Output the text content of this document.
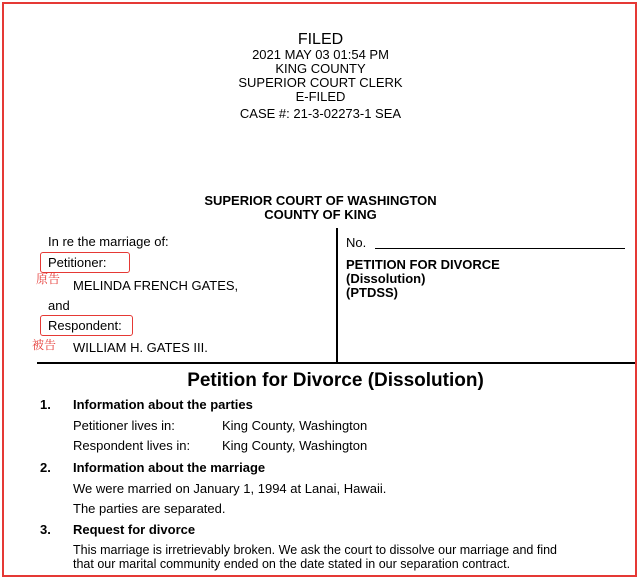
FILED
2021 MAY 03 01:54 PM
KING COUNTY
SUPERIOR COURT CLERK
E-FILED
CASE #: 21-3-02273-1 SEA
SUPERIOR COURT OF WASHINGTON
COUNTY OF KING
In re the marriage of:
Petitioner:
原告 MELINDA FRENCH GATES,
and
Respondent:
被告 WILLIAM H. GATES III.
No.
PETITION FOR DIVORCE
(Dissolution)
(PTDSS)
Petition for Divorce (Dissolution)
1. Information about the parties
Petitioner lives in:	King County, Washington
Respondent lives in: King County, Washington
2. Information about the marriage
We were married on January 1, 1994 at Lanai, Hawaii.
The parties are separated.
3. Request for divorce
This marriage is irretrievably broken. We ask the court to dissolve our marriage and find
that our marital community ended on the date stated in our separation contract.
